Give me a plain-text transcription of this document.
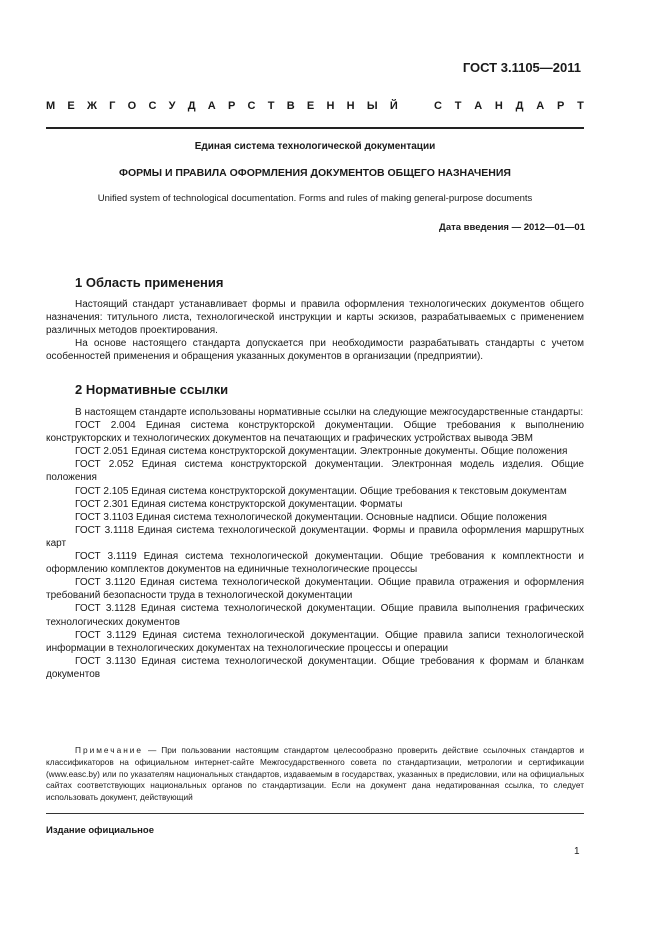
ГОСТ 3.1105—2011
М Е Ж Г О С У Д А Р С Т В Е Н Н Ы Й	С Т А Н Д А Р Т
Единая система технологической документации
ФОРМЫ И ПРАВИЛА ОФОРМЛЕНИЯ ДОКУМЕНТОВ ОБЩЕГО НАЗНАЧЕНИЯ
Unified system of technological documentation. Forms and rules of making general-purpose documents
Дата введения — 2012—01—01
1 Область применения

Настоящий стандарт устанавливает формы и правила оформления технологических документов общего назначения: титульного листа, технологической инструкции и карты эскизов, разрабатываемых с применением различных методов проектирования.

На основе настоящего стандарта допускается при необходимости разрабатывать стандарты с учетом особенностей применения и обращения указанных документов в организации (предприятии).

2 Нормативные ссылки

В настоящем стандарте использованы нормативные ссылки на следующие межгосударственные стандарты:

ГОСТ 2.004 Единая система конструкторской документации. Общие требования к выполнению конструкторских и технологических документов на печатающих и графических устройствах вывода ЭВМ

ГОСТ 2.051 Единая система конструкторской документации. Электронные документы. Общие положения

ГОСТ 2.052 Единая система конструкторской документации. Электронная модель изделия. Общие положения

ГОСТ 2.105 Единая система конструкторской документации. Общие требования к текстовым документам

ГОСТ 2.301 Единая система конструкторской документации. Форматы

ГОСТ 3.1103 Единая система технологической документации. Основные надписи. Общие положения

ГОСТ 3.1118 Единая система технологической документации. Формы и правила оформления маршрутных карт

ГОСТ 3.1119 Единая система технологической документации. Общие требования к комплектности и оформлению комплектов документов на единичные технологические процессы

ГОСТ 3.1120 Единая система технологической документации. Общие правила отражения и оформления требований безопасности труда в технологической документации

ГОСТ 3.1128 Единая система технологической документации. Общие правила выполнения графических технологических документов

ГОСТ 3.1129 Единая система технологической документации. Общие правила записи технологической информации в технологических документах на технологические процессы и операции

ГОСТ 3.1130 Единая система технологической документации. Общие требования к формам и бланкам документов

Примечание — При пользовании настоящим стандартом целесообразно проверить действие ссылочных стандартов и классификаторов на официальном интернет-сайте Межгосударственного совета по стандартизации, метрологии и сертификации (www.easc.by) или по указателям национальных стандартов, издаваемым в государствах, указанных в предисловии, или на официальных сайтах соответствующих национальных органов по стандартизации. Если на документ дана недатированная ссылка, то следует использовать документ, действующий
Издание официальное
1
